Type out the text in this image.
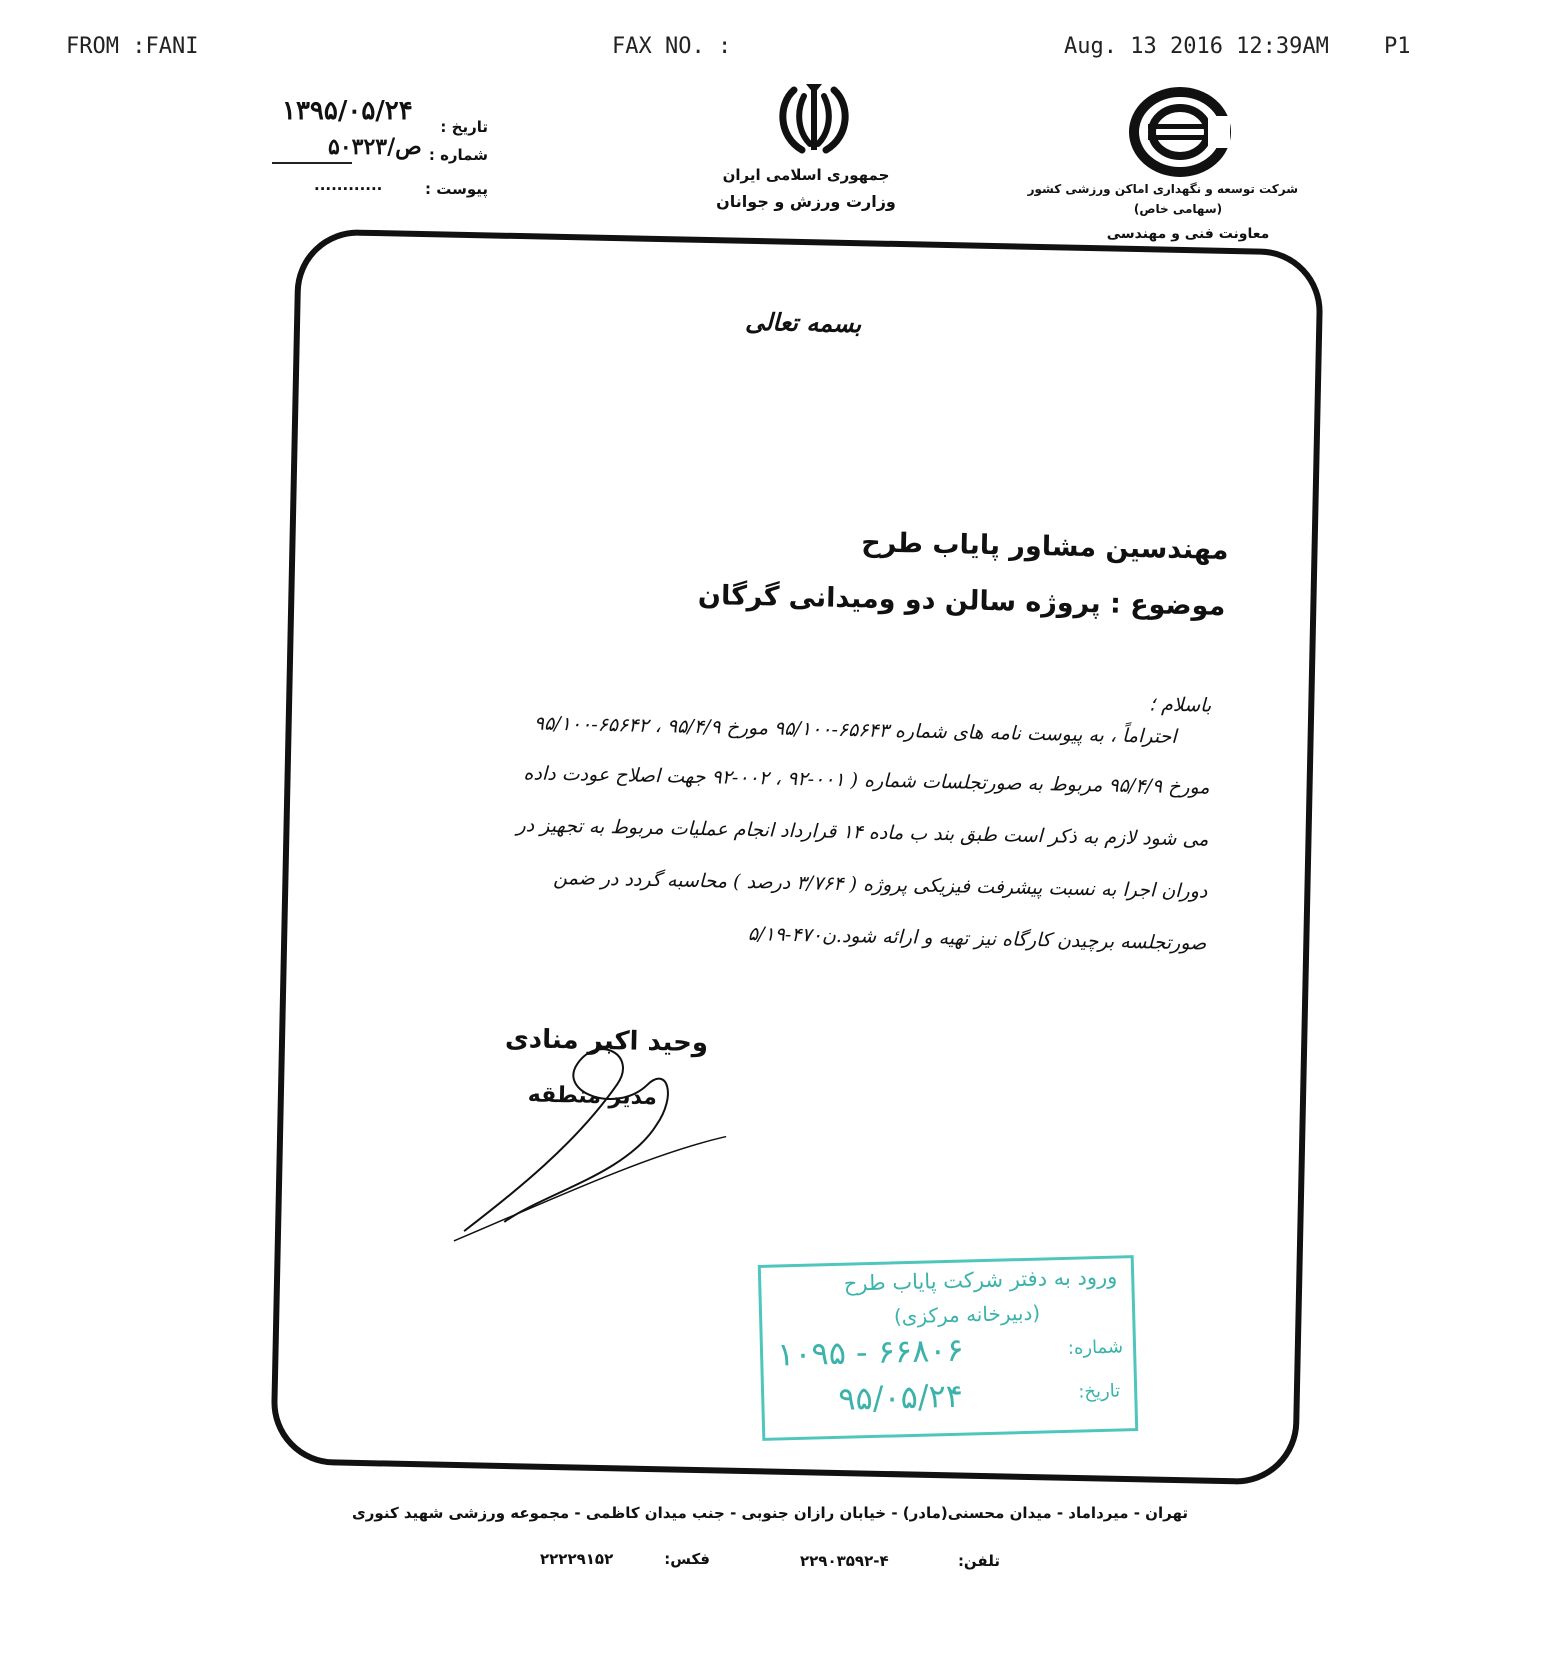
FROM :FANI	FAX NO. :	Aug. 13 2016 12:39AM	P1
تاریخ :
۱۳۹۵/۰۵/۲۴
شماره :
۵۰۳۲۳/ص
پیوست :
............
جمهوری اسلامی ایران
وزارت ورزش و جوانان
شرکت توسعه و نگهداری اماکن ورزشی کشور
(سهامی خاص)
معاونت فنی و مهندسی
بسمه تعالی
مهندسین مشاور پایاب طرح
موضوع : پروژه سالن دو ومیدانی گرگان
باسلام ؛
احتراماً ، به پیوست نامه های شماره ۶۵۶۴۳-۹۵/۱۰۰ مورخ ۹۵/۴/۹ ، ۶۵۶۴۲-۹۵/۱۰۰
مورخ ۹۵/۴/۹ مربوط به صورتجلسات شماره ( ۰۰۱-۹۲ ، ۰۰۲-۹۲ جهت اصلاح عودت داده
می شود لازم به ذکر است طبق بند ب ماده ۱۴ قرارداد انجام عملیات مربوط به تجهیز در
دوران اجرا به نسبت پیشرفت فیزیکی پروژه ( ۳/۷۶۴ درصد ) محاسبه گردد در ضمن
صورتجلسه برچیدن کارگاه نیز تهیه و ارائه شود.ن۴۷۰-۵/۱۹
وحید اکبر منادی
مدیر منطقه
ورود به دفتر شرکت پایاب طرح
(دبیرخانه مرکزی)
شماره:
۱۰۹۵ - ۶۶۸۰۶
تاریخ:
۹۵/۰۵/۲۴
تهران - میرداماد - میدان محسنی(مادر) - خیابان رازان جنوبی - جنب میدان کاظمی - مجموعه ورزشی شهید کنوری
تلفن:
۲۲۹۰۳۵۹۲-۴
فکس:
۲۲۲۲۹۱۵۲
